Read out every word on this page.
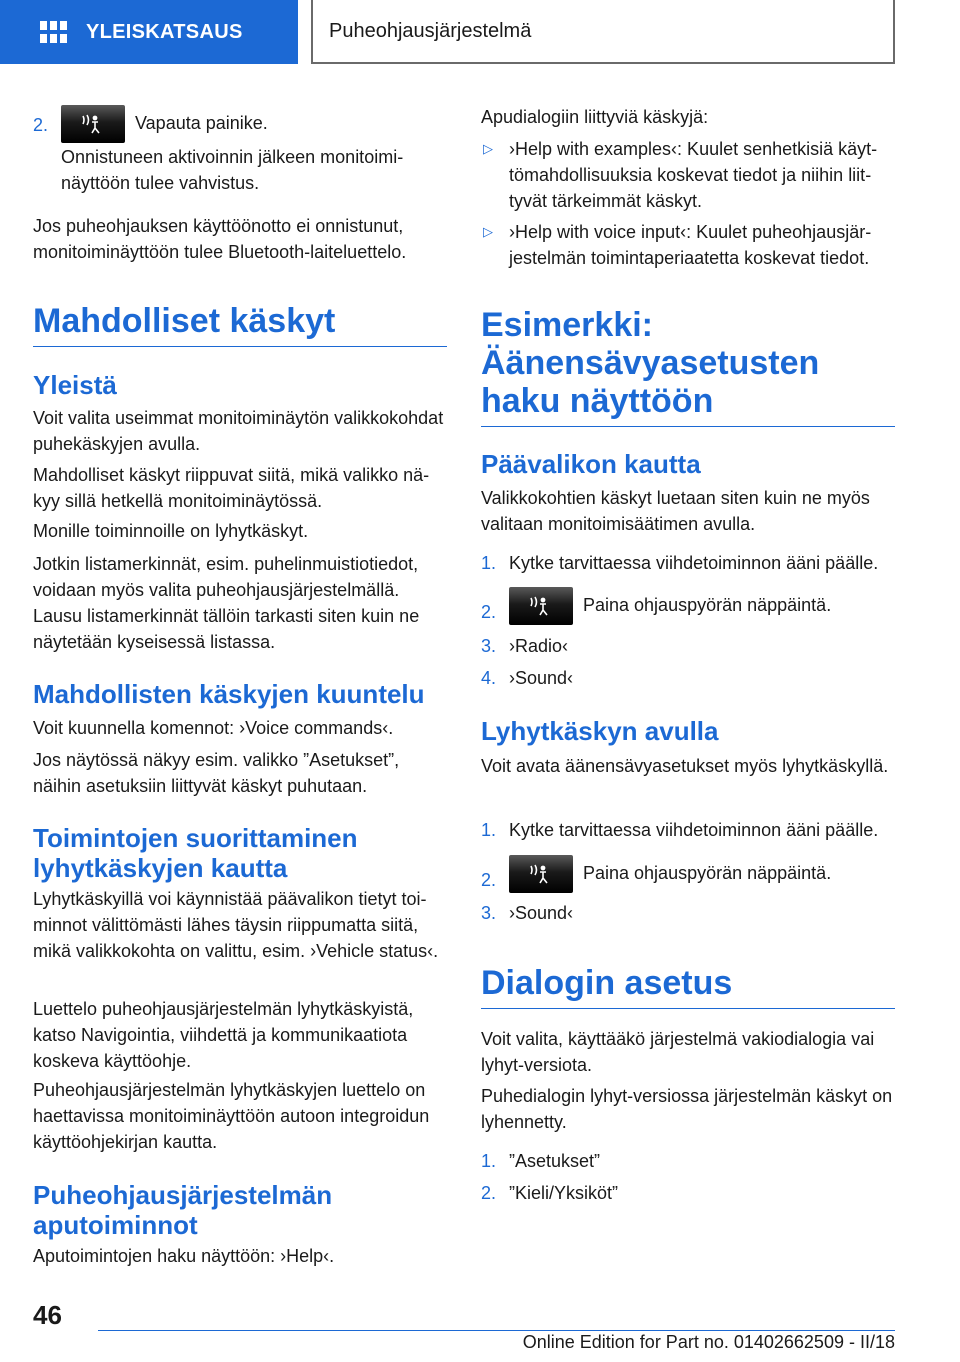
YLEISKATSAUS	Puheohjausjärjestelmä
2.	Vapauta painike.
Onnistuneen aktivoinnin jälkeen monitoiminäyttöön tulee vahvistus.
Jos puheohjauksen käyttöönotto ei onnistunut, monitoiminäyttöön tulee Bluetooth-laiteluettelo.
Mahdolliset käskyt
Yleistä
Voit valita useimmat monitoiminäytön valikkokohdat puhekäskyjen avulla.
Mahdolliset käskyt riippuvat siitä, mikä valikko näkyy sillä hetkellä monitoiminäytössä.
Monille toiminnoille on lyhytkäskyt.
Jotkin listamerkinnät, esim. puhelinmuistiotiedot, voidaan myös valita puheohjausjärjestelmällä. Lausu listamerkinnät tällöin tarkasti siten kuin ne näytetään kyseisessä listassa.
Mahdollisten käskyjen kuuntelu
Voit kuunnella komennot: ›Voice commands‹.
Jos näytössä näkyy esim. valikko ”Asetukset”, näihin asetuksiin liittyvät käskyt puhutaan.
Toimintojen suorittaminen lyhytkäskyjen kautta
Lyhytkäskyillä voi käynnistää päävalikon tietyt toiminnot välittömästi lähes täysin riippumatta siitä, mikä valikkokohta on valittu, esim. ›Vehicle status‹.
Luettelo puheohjausjärjestelmän lyhytkäskyistä, katso Navigointia, viihdettä ja kommunikaatiota koskeva käyttöohje.
Puheohjausjärjestelmän lyhytkäskyjen luettelo on haettavissa monitoiminäyttöön autoon integroidun käyttöohjekirjan kautta.
Puheohjausjärjestelmän aputoiminnot
Aputoimintojen haku näyttöön: ›Help‹.
Apudialogiin liittyviä käskyjä:
▷ ›Help with examples‹: Kuulet senhetkisiä käyttömahdollisuuksia koskevat tiedot ja niihin liittyvät tärkeimmät käskyt.
▷ ›Help with voice input‹: Kuulet puheohjausjärjestelmän toimintaperiaatetta koskevat tiedot.
Esimerkki: Äänensävyasetusten haku näyttöön
Päävalikon kautta
Valikkokohtien käskyt luetaan siten kuin ne myös valitaan monitoimisäätimen avulla.
1. Kytke tarvittaessa viihdetoiminnon ääni päälle.
2.	Paina ohjauspyörän näppäintä.
3. ›Radio‹
4. ›Sound‹
Lyhytkäskyn avulla
Voit avata äänensävyasetukset myös lyhytkäskyllä.
1. Kytke tarvittaessa viihdetoiminnon ääni päälle.
2.	Paina ohjauspyörän näppäintä.
3. ›Sound‹
Dialogin asetus
Voit valita, käyttääkö järjestelmä vakiodialogia vai lyhyt-versiota.
Puhedialogin lyhyt-versiossa järjestelmän käskyt on lyhennetty.
1. ”Asetukset”
2. ”Kieli/Yksiköt”
46
Online Edition for Part no. 01402662509 - II/18
